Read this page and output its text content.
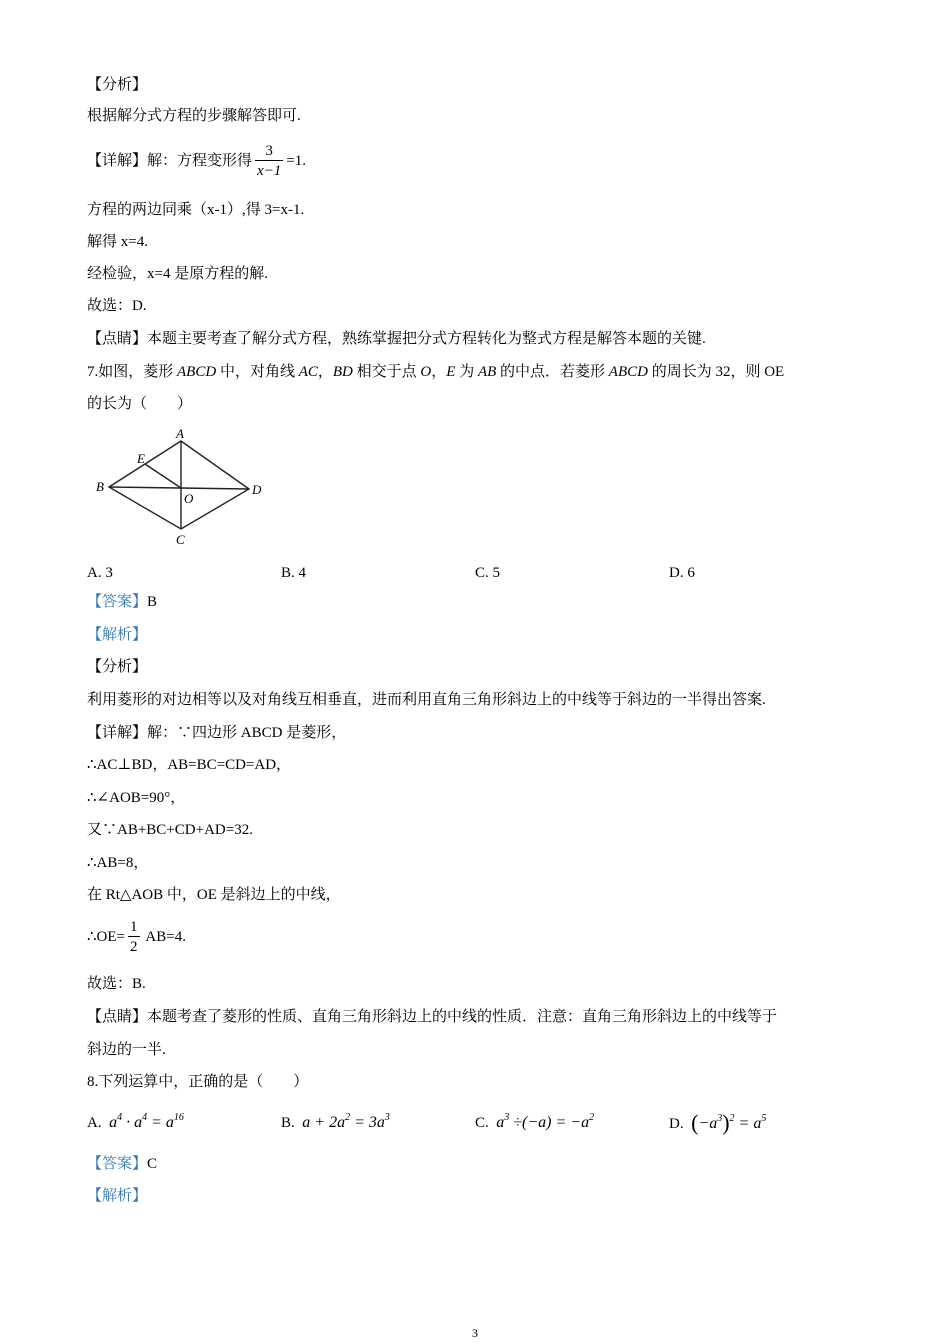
【分析】
根据解分式方程的步骤解答即可.
【详解】解：方程变形得 $\frac{3}{x-1} =1$.
方程的两边同乘（x-1）,得 3=x-1.
解得 x=4.
经检验，x=4 是原方程的解.
故选：D.
【点睛】本题主要考查了解分式方程，熟练掌握把分式方程转化为整式方程是解答本题的关键.
7.如图，菱形 ABCD 中，对角线 AC，BD 相交于点 O，E 为 AB 的中点．若菱形 ABCD 的周长为 32，则 OE
的长为（　　）
A
B
C
D
E
O
A. 3	B. 4	C. 5	D. 6
【答案】B
【解析】
【分析】
利用菱形的对边相等以及对角线互相垂直，进而利用直角三角形斜边上的中线等于斜边的一半得出答案.
【详解】解：∵四边形 ABCD 是菱形，
∴AC⊥BD，AB=BC=CD=AD，
∴∠AOB=90°，
又∵AB+BC+CD+AD=32.
∴AB=8，
在 Rt△AOB 中，OE 是斜边上的中线，
∴OE= $\frac{1}{2} AB=4$.
故选：B.
【点睛】本题考查了菱形的性质、直角三角形斜边上的中线的性质．注意：直角三角形斜边上的中线等于
斜边的一半.
8.下列运算中，正确的是（　　）
A. $a^4 \cdot a^4 = a^{16}$	B. $a + 2a^2 = 3a^3$	C. $a^3 \div(-a) = -a^2$	D. $(-a^3)^2 = a^5$
【答案】C
【解析】
3
